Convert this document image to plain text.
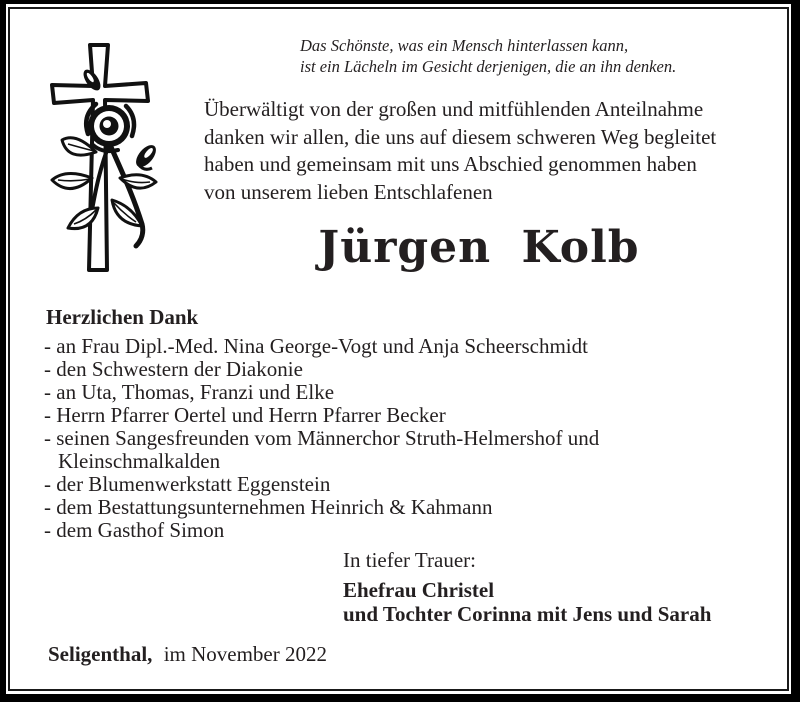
Das Schönste, was ein Mensch hinterlassen kann,
ist ein Lächeln im Gesicht derjenigen, die an ihn denken.
Überwältigt von der großen und mitfühlenden Anteilnahme
danken wir allen, die uns auf diesem schweren Weg begleitet
haben und gemeinsam mit uns Abschied genommen haben
von unserem lieben Entschlafenen
Jürgen Kolb
Herzlichen Dank
- an Frau Dipl.-Med. Nina George-Vogt und Anja Scheerschmidt
- den Schwestern der Diakonie
- an Uta, Thomas, Franzi und Elke
- Herrn Pfarrer Oertel und Herrn Pfarrer Becker
- seinen Sangesfreunden vom Männerchor Struth-Helmershof und
Kleinschmalkalden
- der Blumenwerkstatt Eggenstein
- dem Bestattungsunternehmen Heinrich & Kahmann
- dem Gasthof Simon
In tiefer Trauer:
Ehefrau Christel
und Tochter Corinna mit Jens und Sarah
Seligenthal, im November 2022
